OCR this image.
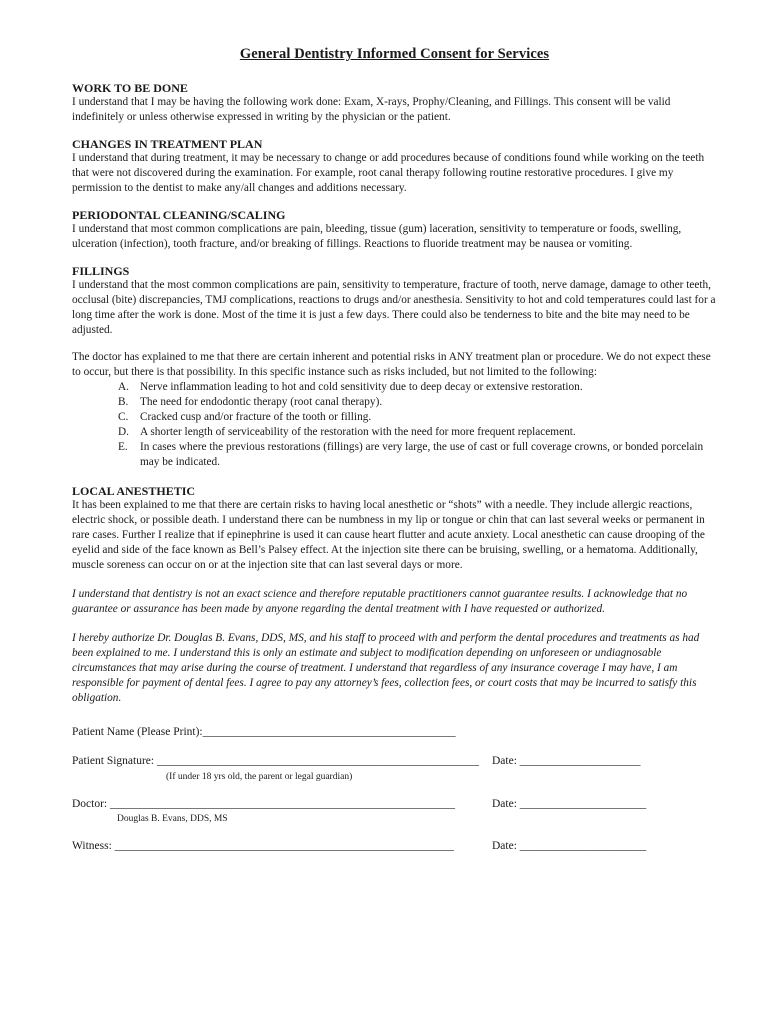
General Dentistry Informed Consent for Services

WORK TO BE DONE

I understand that I may be having the following work done: Exam, X-rays, Prophy/Cleaning, and Fillings. This consent will be valid indefinitely or unless otherwise expressed in writing by the physician or the patient.

CHANGES IN TREATMENT PLAN

I understand that during treatment, it may be necessary to change or add procedures because of conditions found while working on the teeth that were not discovered during the examination. For example, root canal therapy following routine restorative procedures. I give my permission to the dentist to make any/all changes and additions necessary.

PERIODONTAL CLEANING/SCALING

I understand that most common complications are pain, bleeding, tissue (gum) laceration, sensitivity to temperature or foods, swelling, ulceration (infection), tooth fracture, and/or breaking of fillings. Reactions to fluoride treatment may be nausea or vomiting.

FILLINGS

I understand that the most common complications are pain, sensitivity to temperature, fracture of tooth, nerve damage, damage to other teeth, occlusal (bite) discrepancies, TMJ complications, reactions to drugs and/or anesthesia. Sensitivity to hot and cold temperatures could last for a long time after the work is done. Most of the time it is just a few days. There could also be tenderness to bite and the bite may need to be adjusted.

The doctor has explained to me that there are certain inherent and potential risks in ANY treatment plan or procedure. We do not expect these to occur, but there is that possibility. In this specific instance such as risks included, but not limited to the following:

A. Nerve inflammation leading to hot and cold sensitivity due to deep decay or extensive restoration.
B.	The need for endodontic therapy (root canal therapy).
C.	Cracked cusp and/or fracture of the tooth or filling.
D. A shorter length of serviceability of the restoration with the need for more frequent replacement.
E.	In cases where the previous restorations (fillings) are very large, the use of cast or full coverage crowns, or bonded porcelain may be indicated.

LOCAL ANESTHETIC

It has been explained to me that there are certain risks to having local anesthetic or “shots” with a needle. They include allergic reactions, electric shock, or possible death. I understand there can be numbness in my lip or tongue or chin that can last several weeks or permanent in rare cases. Further I realize that if epinephrine is used it can cause heart flutter and acute anxiety. Local anesthetic can cause drooping of the eyelid and side of the face known as Bell’s Palsey effect. At the injection site there can be bruising, swelling, or a hematoma. Additionally, muscle soreness can occur on or at the injection site that can last several days or more.

I understand that dentistry is not an exact science and therefore reputable practitioners cannot guarantee results. I acknowledge that no guarantee or assurance has been made by anyone regarding the dental treatment with I have requested or authorized.

I hereby authorize Dr. Douglas B. Evans, DDS, MS, and his staff to proceed with and perform the dental procedures and treatments as had been explained to me. I understand this is only an estimate and subject to modification depending on unforeseen or undiagnosable circumstances that may arise during the course of treatment. I understand that regardless of any insurance coverage I may have, I am responsible for payment of dental fees. I agree to pay any attorney’s fees, collection fees, or court costs that may be incurred to satisfy this obligation.

Patient Name (Please Print):____________________________________________
Patient Signature: ________________________________________________________ Date: _____________________

(If under 18 yrs old, the parent or legal guardian)

Doctor: ____________________________________________________________	Date: ______________________

Douglas B. Evans, DDS, MS

Witness: ___________________________________________________________	Date: ______________________
